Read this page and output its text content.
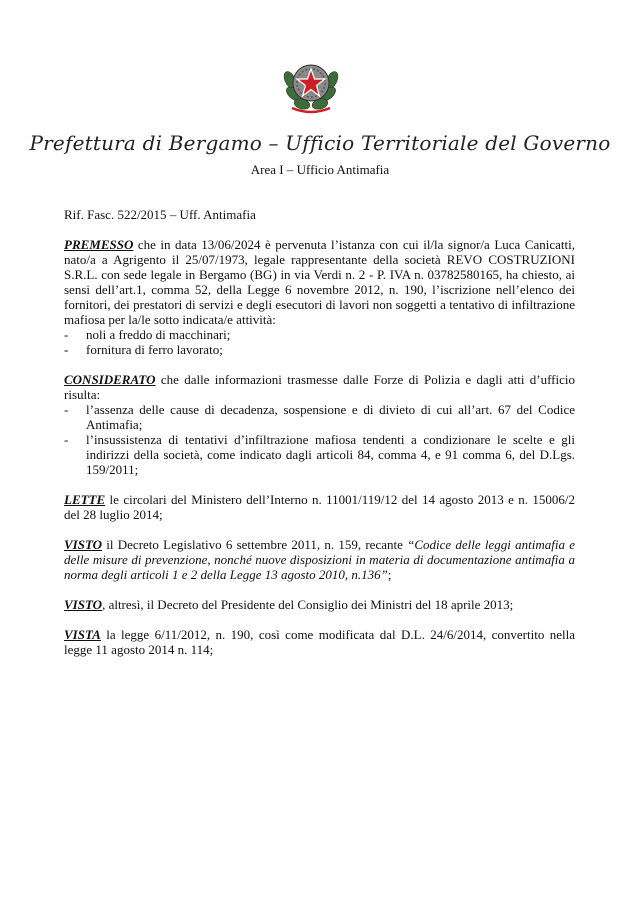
Prefettura di Bergamo – Ufficio Territoriale del Governo
Area I – Ufficio Antimafia
Rif. Fasc. 522/2015 – Uff. Antimafia
PREMESSO che in data 13/06/2024 è pervenuta l’istanza con cui il/la signor/a Luca Canicatti, nato/a a Agrigento il 25/07/1973, legale rappresentante della società REVO COSTRUZIONI S.R.L. con sede legale in Bergamo (BG) in via Verdi n. 2 - P. IVA n. 03782580165, ha chiesto, ai sensi dell’art.1, comma 52, della Legge 6 novembre 2012, n. 190, l’iscrizione nell’elenco dei fornitori, dei prestatori di servizi e degli esecutori di lavori non soggetti a tentativo di infiltrazione mafiosa per la/le sotto indicata/e attività:
- noli a freddo di macchinari;
- fornitura di ferro lavorato;
CONSIDERATO che dalle informazioni trasmesse dalle Forze di Polizia e dagli atti d’ufficio risulta:
- l’assenza delle cause di decadenza, sospensione e di divieto di cui all’art. 67 del Codice Antimafia;
- l’insussistenza di tentativi d’infiltrazione mafiosa tendenti a condizionare le scelte e gli indirizzi della società, come indicato dagli articoli 84, comma 4, e 91 comma 6, del D.Lgs. 159/2011;
LETTE le circolari del Ministero dell’Interno n. 11001/119/12 del 14 agosto 2013 e n. 15006/2 del 28 luglio 2014;
VISTO il Decreto Legislativo 6 settembre 2011, n. 159, recante “Codice delle leggi antimafia e delle misure di prevenzione, nonché nuove disposizioni in materia di documentazione antimafia a norma degli articoli 1 e 2 della Legge 13 agosto 2010, n.136”;
VISTO, altresì, il Decreto del Presidente del Consiglio dei Ministri del 18 aprile 2013;
VISTA la legge 6/11/2012, n. 190, così come modificata dal D.L. 24/6/2014, convertito nella legge 11 agosto 2014 n. 114;
